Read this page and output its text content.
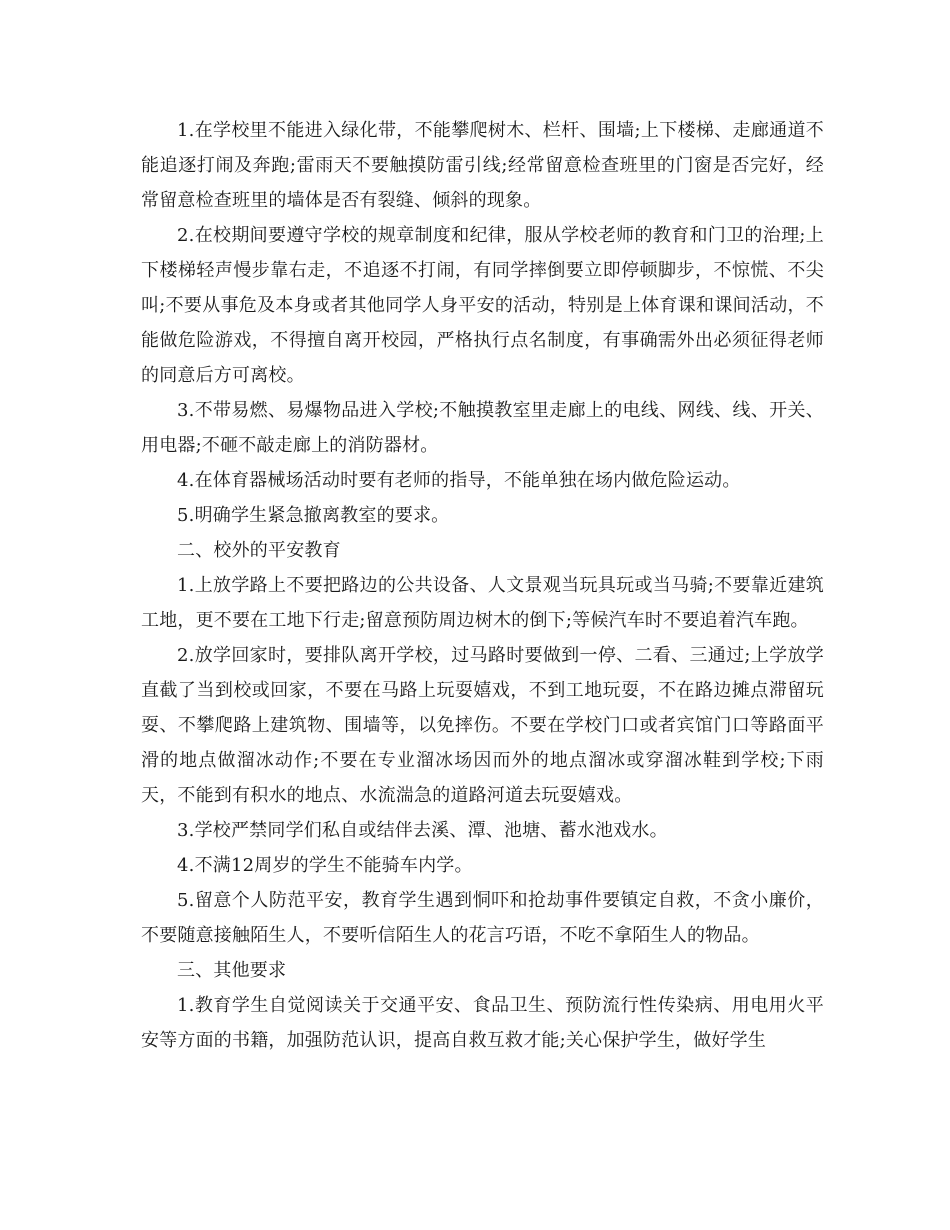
1.在学校里不能进入绿化带，不能攀爬树木、栏杆、围墙;上下楼梯、走廊通道不能追逐打闹及奔跑;雷雨天不要触摸防雷引线;经常留意检查班里的门窗是否完好，经常留意检查班里的墙体是否有裂缝、倾斜的现象。

2.在校期间要遵守学校的规章制度和纪律，服从学校老师的教育和门卫的治理;上下楼梯轻声慢步靠右走，不追逐不打闹，有同学摔倒要立即停顿脚步，不惊慌、不尖叫;不要从事危及本身或者其他同学人身平安的活动，特别是上体育课和课间活动，不能做危险游戏，不得擅自离开校园，严格执行点名制度，有事确需外出必须征得老师的同意后方可离校。

3.不带易燃、易爆物品进入学校;不触摸教室里走廊上的电线、网线、线、开关、用电器;不砸不敲走廊上的消防器材。

4.在体育器械场活动时要有老师的指导，不能单独在场内做危险运动。

5.明确学生紧急撤离教室的要求。

二、校外的平安教育

1.上放学路上不要把路边的公共设备、人文景观当玩具玩或当马骑;不要靠近建筑工地，更不要在工地下行走;留意预防周边树木的倒下;等候汽车时不要追着汽车跑。

2.放学回家时，要排队离开学校，过马路时要做到一停、二看、三通过;上学放学直截了当到校或回家，不要在马路上玩耍嬉戏，不到工地玩耍，不在路边摊点滞留玩耍、不攀爬路上建筑物、围墙等，以免摔伤。不要在学校门口或者宾馆门口等路面平滑的地点做溜冰动作;不要在专业溜冰场因而外的地点溜冰或穿溜冰鞋到学校;下雨天，不能到有积水的地点、水流湍急的道路河道去玩耍嬉戏。

3.学校严禁同学们私自或结伴去溪、潭、池塘、蓄水池戏水。

4.不满12周岁的学生不能骑车内学。

5.留意个人防范平安，教育学生遇到恫吓和抢劫事件要镇定自救，不贪小廉价，不要随意接触陌生人，不要听信陌生人的花言巧语，不吃不拿陌生人的物品。

三、其他要求

1.教育学生自觉阅读关于交通平安、食品卫生、预防流行性传染病、用电用火平安等方面的书籍，加强防范认识，提高自救互救才能;关心保护学生，做好学生
